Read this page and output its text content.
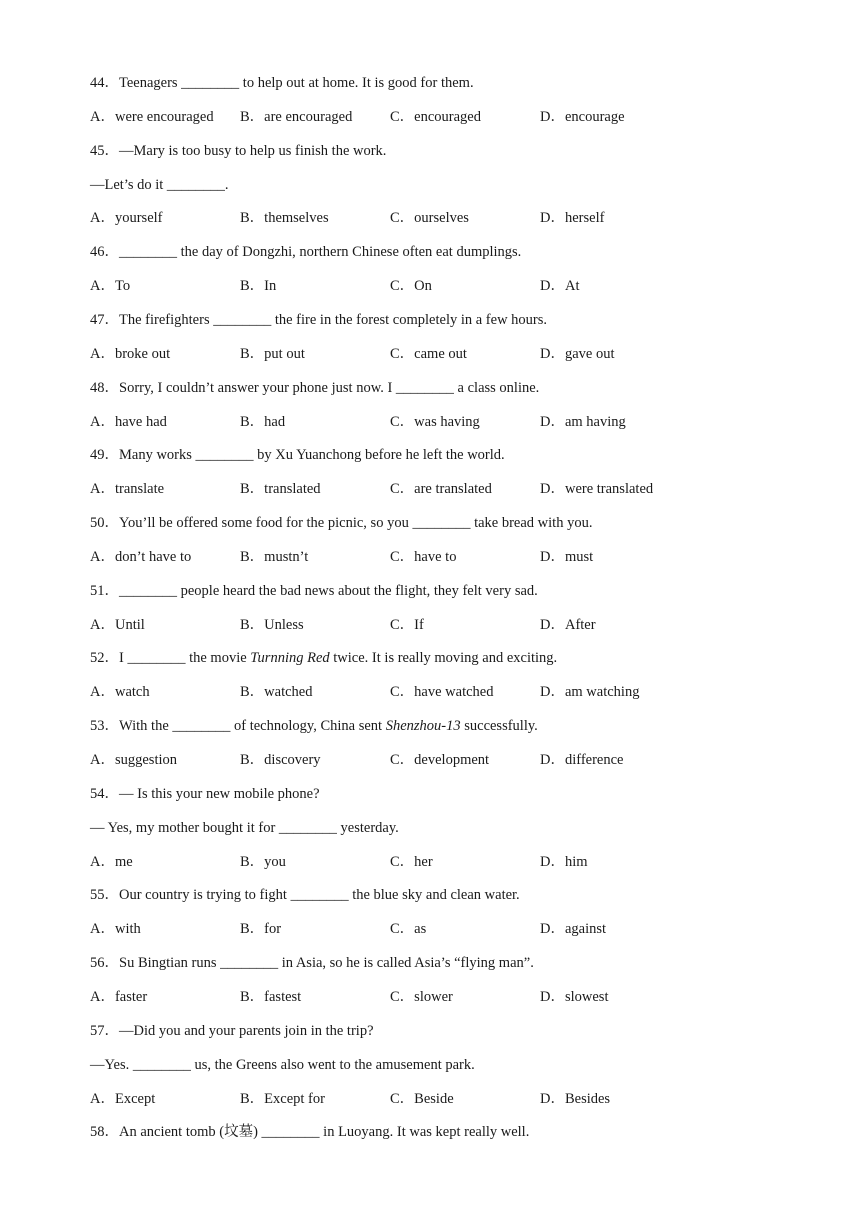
44．Teenagers ________ to help out at home. It is good for them.
A．were encouraged B．are encouraged	C．encouraged	D．encourage
45．—Mary is too busy to help us finish the work.
—Let’s do it ________.
A．yourself	B．themselves	C．ourselves	D．herself
46．________ the day of Dongzhi, northern Chinese often eat dumplings.
A．To	B．In	C．On	D．At
47．The firefighters ________ the fire in the forest completely in a few hours.
A．broke out	B．put out	C．came out	D．gave out
48．Sorry, I couldn’t answer your phone just now. I ________ a class online.
A．have had	B．had	C．was having	D．am having
49．Many works ________ by Xu Yuanchong before he left the world.
A．translate	B．translated	C．are translated	D．were translated
50．You’ll be offered some food for the picnic, so you ________ take bread with you.
A．don’t have to	B．mustn’t	C．have to	D．must
51．________ people heard the bad news about the flight, they felt very sad.
A．Until	B．Unless	C．If	D．After
52．I ________ the movie Turnning Red twice. It is really moving and exciting.
A．watch	B．watched	C．have watched	D．am watching
53．With the ________ of technology, China sent Shenzhou-13 successfully.
A．suggestion	B．discovery	C．development	D．difference
54．— Is this your new mobile phone?
— Yes, my mother bought it for ________ yesterday.
A．me	B．you	C．her	D．him
55．Our country is trying to fight ________ the blue sky and clean water.
A．with	B．for	C．as	D．against
56．Su Bingtian runs ________ in Asia, so he is called Asia’s “flying man”.
A．faster	B．fastest	C．slower	D．slowest
57．—Did you and your parents join in the trip?
—Yes. ________ us, the Greens also went to the amusement park.
A．Except	B．Except for	C．Beside	D．Besides
58．An ancient tomb (坟墓) ________ in Luoyang. It was kept really well.
